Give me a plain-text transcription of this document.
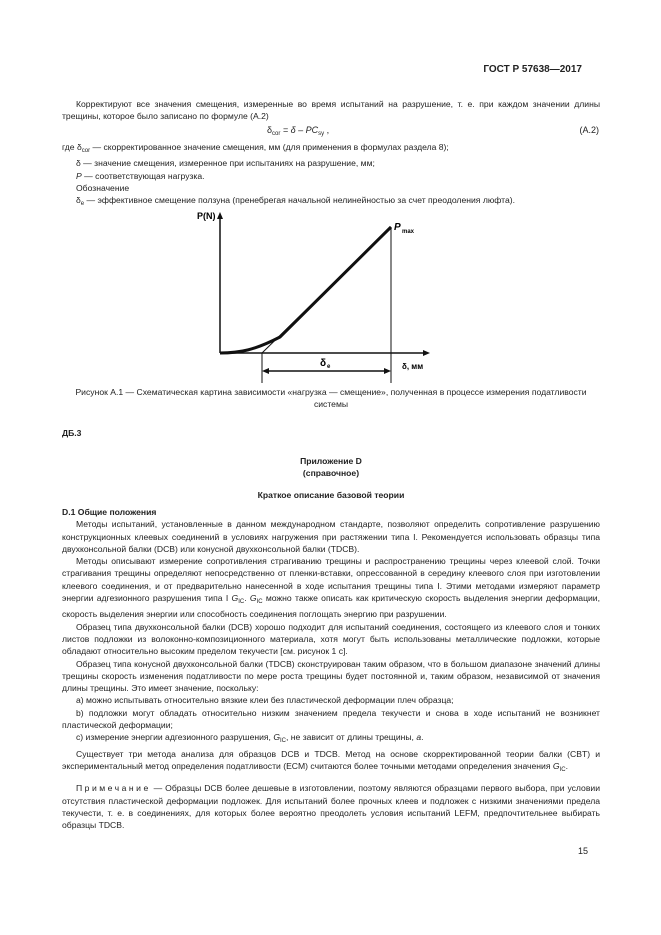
ГОСТ Р 57638—2017
Корректируют все значения смещения, измеренные во время испытаний на разрушение, т. е. при каждом значении длины трещины, которое было записано по формуле (А.2)
$\delta_{cor} = \delta - PC_{sy}$ ,	(А.2)
где $\delta_{cor}$ — скорректированное значение смещения, мм (для применения в формулах раздела 8);
δ — значение смещения, измеренное при испытаниях на разрушение, мм;
P — соответствующая нагрузка.
Обозначение
$\delta_e$ — эффективное смещение ползуна (пренебрегая начальной нелинейностью за счет преодоления люфта).
P(N)
P max
δ, мм
δ e
Рисунок А.1 — Схематическая картина зависимости «нагрузка — смещение», полученная в процессе измерения податливости системы
ДБ.3
Приложение D
(справочное)
Краткое описание базовой теории
D.1 Общие положения
Методы испытаний, установленные в данном международном стандарте, позволяют определить сопротивление разрушению конструкционных клеевых соединений в условиях нагружения при растяжении типа I. Рекомендуется использовать образцы типа двухконсольной балки (DCB) или конусной двухконсольной балки (TDCB).
Методы описывают измерение сопротивления страгиванию трещины и распространению трещины через клеевой слой. Точки страгивания трещины определяют непосредственно от пленки-вставки, опрессованной в середину клеевого слоя при изготовлении клеевого соединения, и от предварительно нанесенной в ходе испытания трещины типа I. Этими методами измеряют параметр энергии адгезионного разрушения типа I $G_{IC}$. $G_{IC}$ можно также описать как критическую скорость выделения энергии деформации, скорость выделения энергии или способность соединения поглощать энергию при разрушении.
Образец типа двухконсольной балки (DCB) хорошо подходит для испытаний соединения, состоящего из клеевого слоя и тонких листов подложки из волоконно-композиционного материала, хотя могут быть использованы металлические подложки, которые обладают относительно высоким пределом текучести [см. рисунок 1 с].
Образец типа конусной двухконсольной балки (TDCB) сконструирован таким образом, что в большом диапазоне значений длины трещины скорость изменения податливости по мере роста трещины будет постоянной и, таким образом, независимой от значения длины трещины. Это имеет значение, поскольку:
a) можно испытывать относительно вязкие клеи без пластической деформации плеч образца;
b) подложки могут обладать относительно низким значением предела текучести и снова в ходе испытаний не возникнет пластической деформации;
c) измерение энергии адгезионного разрушения, $G_{IC}$, не зависит от длины трещины, a.
Существует три метода анализа для образцов DCB и TDCB. Метод на основе скорректированной теории балки (CBT) и экспериментальный метод определения податливости (ECM) считаются более точными методами определения значения $G_{IC}$.
Примечание — Образцы DCB более дешевые в изготовлении, поэтому являются образцами первого выбора, при условии отсутствия пластической деформации подложек. Для испытаний более прочных клеев и подложек с низкими значениями предела текучести, т. е. в соединениях, для которых более вероятно преодолеть условия испытаний LEFM, предпочтительнее выбирать образцы TDCB.
15
